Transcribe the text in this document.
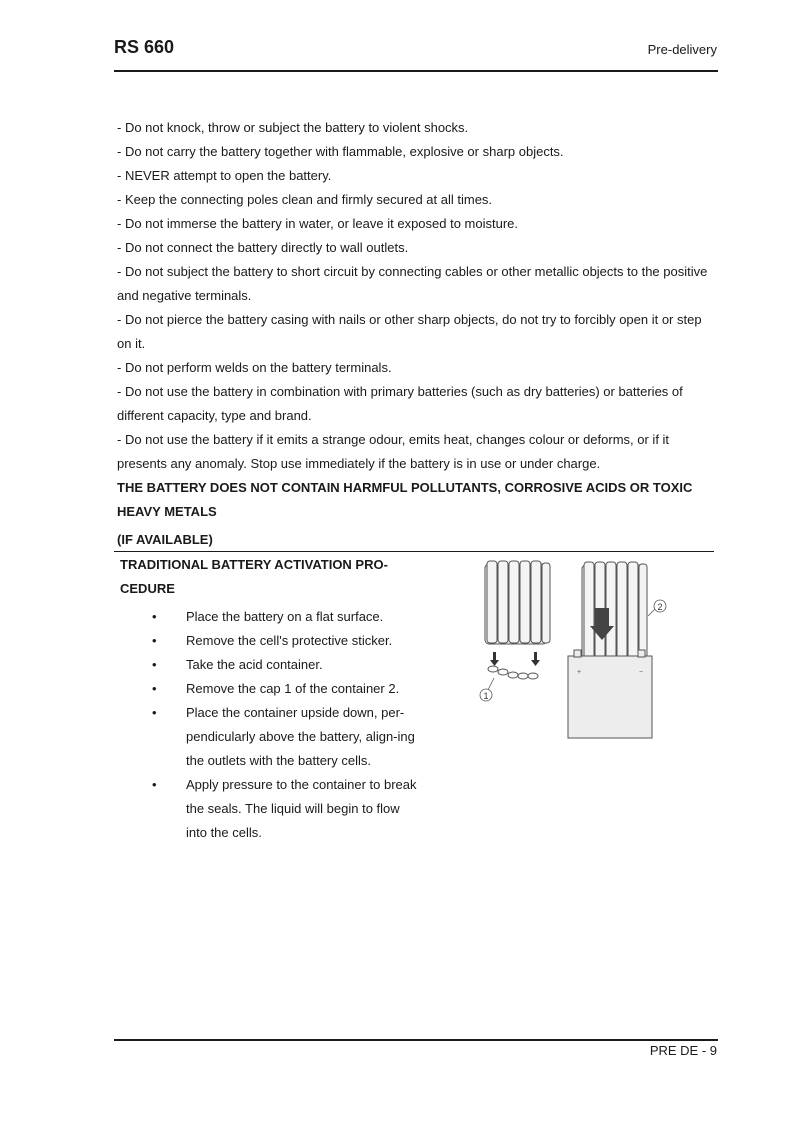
RS 660	Pre-delivery

- Do not knock, throw or subject the battery to violent shocks.

- Do not carry the battery together with flammable, explosive or sharp objects.

- NEVER attempt to open the battery.

- Keep the connecting poles clean and firmly secured at all times.

- Do not immerse the battery in water, or leave it exposed to moisture.

- Do not connect the battery directly to wall outlets.

- Do not subject the battery to short circuit by connecting cables or other metallic objects to the positive and negative terminals.

- Do not pierce the battery casing with nails or other sharp objects, do not try to forcibly open it or step on it.

- Do not perform welds on the battery terminals.

- Do not use the battery in combination with primary batteries (such as dry batteries) or batteries of different capacity, type and brand.

- Do not use the battery if it emits a strange odour, emits heat, changes colour or deforms, or if it presents any anomaly. Stop use immediately if the battery is in use or under charge.

THE BATTERY DOES NOT CONTAIN HARMFUL POLLUTANTS, CORROSIVE ACIDS OR TOXIC HEAVY METALS

(IF AVAILABLE)

TRADITIONAL BATTERY ACTIVATION PRO-CEDURE
• Place the battery on a flat surface.
• Remove the cell's protective sticker.
• Take the acid container.
• Remove the cap 1 of the container 2.
• Place the container upside down, per-pendicularly above the battery, align-ing the outlets with the battery cells.
• Apply pressure to the container to break the seals. The liquid will begin to flow into the cells.
1
2
+	−
PRE DE - 9
